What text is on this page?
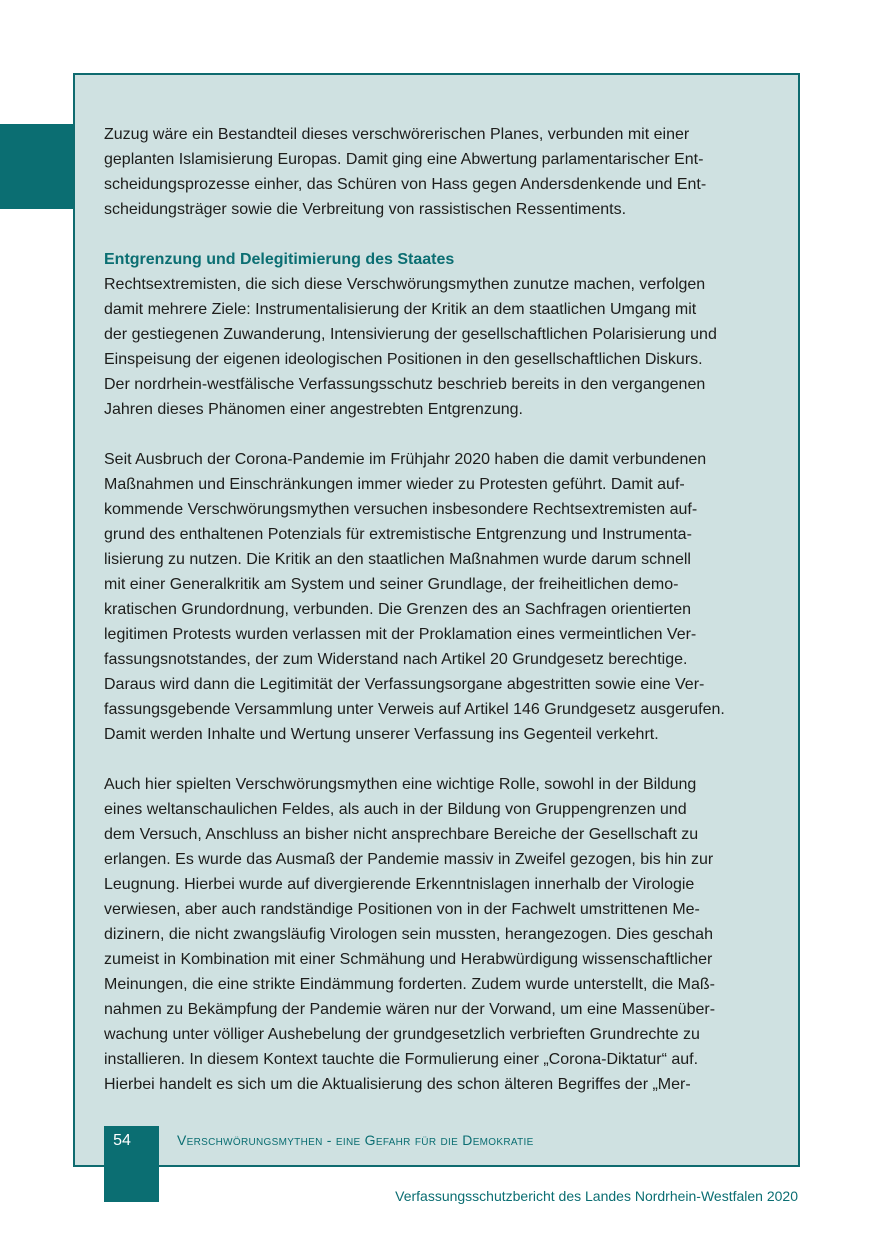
Zuzug wäre ein Bestandteil dieses verschwörerischen Planes, verbunden mit einer
geplanten Islamisierung Europas. Damit ging eine Abwertung parlamentarischer Ent-
scheidungsprozesse einher, das Schüren von Hass gegen Andersdenkende und Ent-
scheidungsträger sowie die Verbreitung von rassistischen Ressentiments.

Entgrenzung und Delegitimierung des Staates

Rechtsextremisten, die sich diese Verschwörungsmythen zunutze machen, verfolgen
damit mehrere Ziele: Instrumentalisierung der Kritik an dem staatlichen Umgang mit
der gestiegenen Zuwanderung, Intensivierung der gesellschaftlichen Polarisierung und
Einspeisung der eigenen ideologischen Positionen in den gesellschaftlichen Diskurs.
Der nordrhein-westfälische Verfassungsschutz beschrieb bereits in den vergangenen
Jahren dieses Phänomen einer angestrebten Entgrenzung.

Seit Ausbruch der Corona-Pandemie im Frühjahr 2020 haben die damit verbundenen
Maßnahmen und Einschränkungen immer wieder zu Protesten geführt. Damit auf-
kommende Verschwörungsmythen versuchen insbesondere Rechtsextremisten auf-
grund des enthaltenen Potenzials für extremistische Entgrenzung und Instrumenta-
lisierung zu nutzen. Die Kritik an den staatlichen Maßnahmen wurde darum schnell
mit einer Generalkritik am System und seiner Grundlage, der freiheitlichen demo-
kratischen Grundordnung, verbunden. Die Grenzen des an Sachfragen orientierten
legitimen Protests wurden verlassen mit der Proklamation eines vermeintlichen Ver-
fassungsnotstandes, der zum Widerstand nach Artikel 20 Grundgesetz berechtige.
Daraus wird dann die Legitimität der Verfassungsorgane abgestritten sowie eine Ver-
fassungsgebende Versammlung unter Verweis auf Artikel 146 Grundgesetz ausgerufen.
Damit werden Inhalte und Wertung unserer Verfassung ins Gegenteil verkehrt.

Auch hier spielten Verschwörungsmythen eine wichtige Rolle, sowohl in der Bildung
eines weltanschaulichen Feldes, als auch in der Bildung von Gruppengrenzen und
dem Versuch, Anschluss an bisher nicht ansprechbare Bereiche der Gesellschaft zu
erlangen. Es wurde das Ausmaß der Pandemie massiv in Zweifel gezogen, bis hin zur
Leugnung. Hierbei wurde auf divergierende Erkenntnislagen innerhalb der Virologie
verwiesen, aber auch randständige Positionen von in der Fachwelt umstrittenen Me-
dizinern, die nicht zwangsläufig Virologen sein mussten, herangezogen. Dies geschah
zumeist in Kombination mit einer Schmähung und Herabwürdigung wissenschaftlicher
Meinungen, die eine strikte Eindämmung forderten. Zudem wurde unterstellt, die Maß-
nahmen zu Bekämpfung der Pandemie wären nur der Vorwand, um eine Massenüber-
wachung unter völliger Aushebelung der grundgesetzlich verbrieften Grundrechte zu
installieren. In diesem Kontext tauchte die Formulierung einer „Corona-Diktatur“ auf.
Hierbei handelt es sich um die Aktualisierung des schon älteren Begriffes der „Mer-

54	Verschwörungsmythen - eine Gefahr für die Demokratie
Verfassungsschutzbericht des Landes Nordrhein-Westfalen 2020
